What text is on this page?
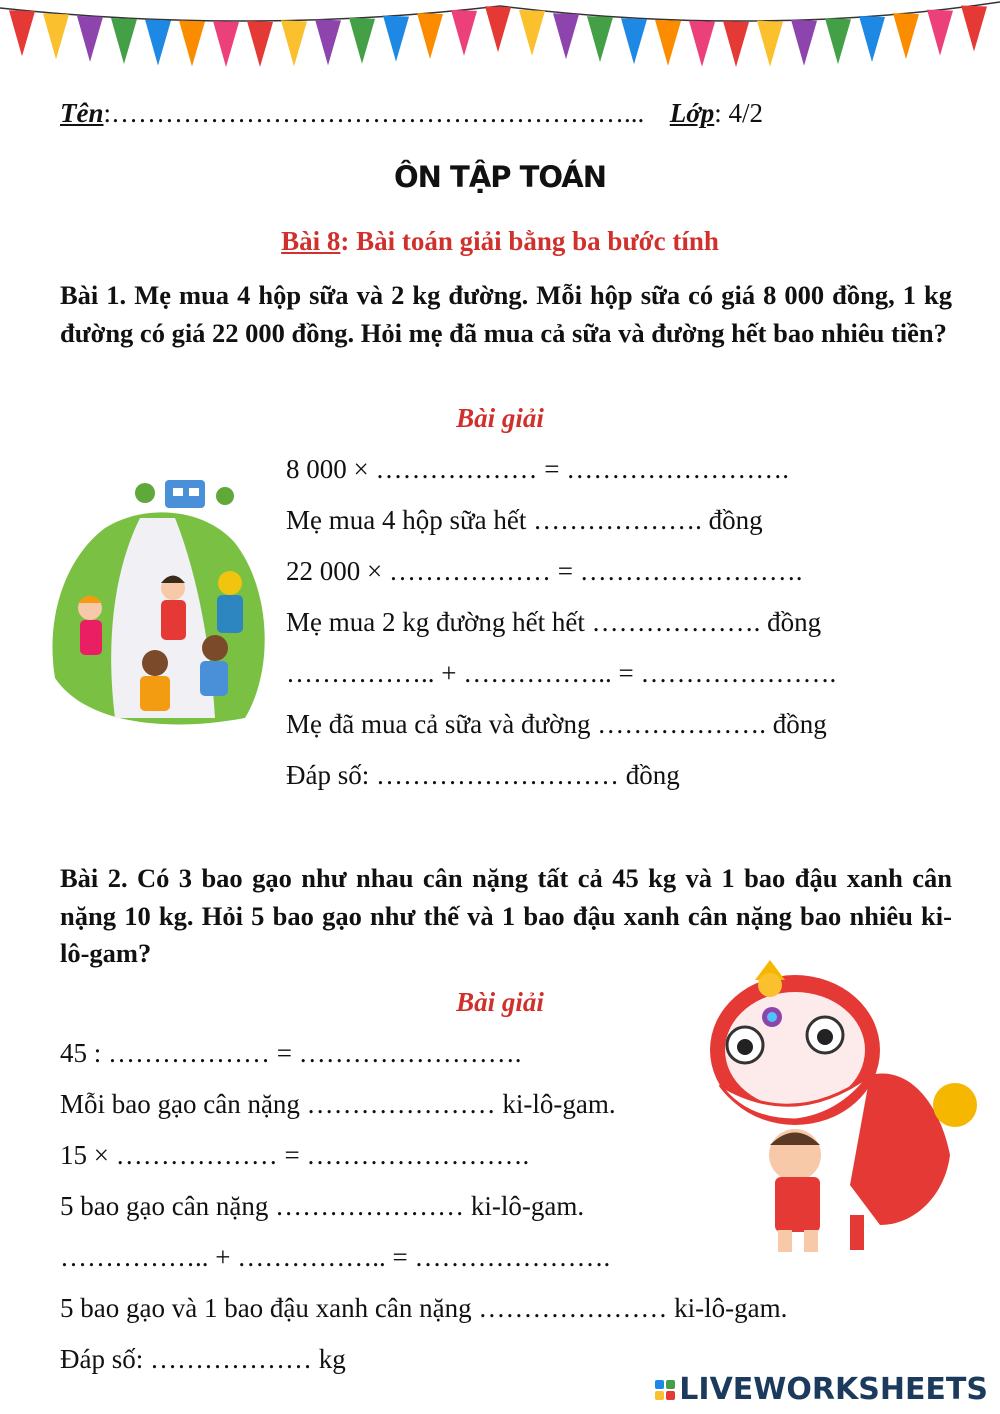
Tên:…………………………………………………... Lớp: 4/2
ÔN TẬP TOÁN
Bài 8: Bài toán giải bằng ba bước tính
Bài 1. Mẹ mua 4 hộp sữa và 2 kg đường. Mỗi hộp sữa có giá 8 000 đồng, 1 kg đường có giá 22 000 đồng. Hỏi mẹ đã mua cả sữa và đường hết bao nhiêu tiền?
Bài giải
8 000 × ……………… = …………………….
Mẹ mua 4 hộp sữa hết ………………. đồng
22 000 × ……………… = …………………….
Mẹ mua 2 kg đường hết hết ………………. đồng
…………….. + …………….. = ………………….
Mẹ đã mua cả sữa và đường ………………. đồng
Đáp số: ……………………… đồng
Bài 2. Có 3 bao gạo như nhau cân nặng tất cả 45 kg và 1 bao đậu xanh cân nặng 10 kg. Hỏi 5 bao gạo như thế và 1 bao đậu xanh cân nặng bao nhiêu ki-lô-gam?
Bài giải
45 : ……………… = …………………….
Mỗi bao gạo cân nặng ………………… ki-lô-gam.
15 × ……………… = …………………….
5 bao gạo cân nặng ………………… ki-lô-gam.
…………….. + …………….. = ………………….
5 bao gạo và 1 bao đậu xanh cân nặng ………………… ki-lô-gam.
Đáp số: ……………… kg
LIVEWORKSHEETS
